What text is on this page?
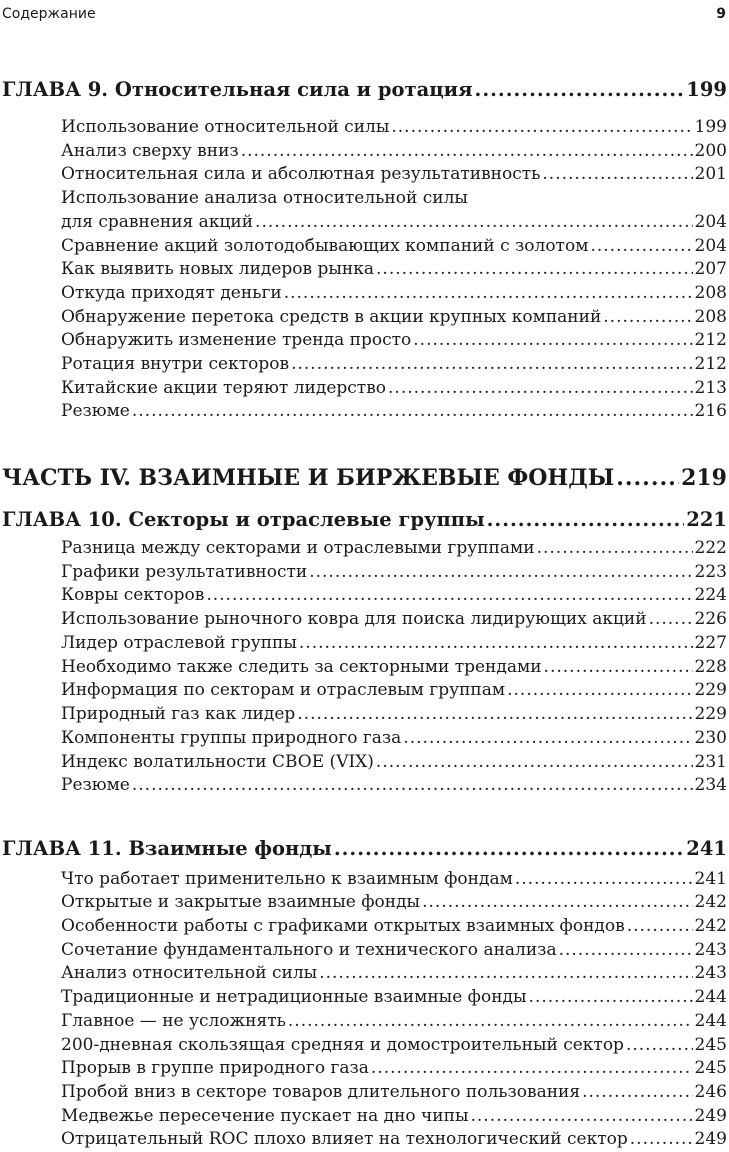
Содержание	9
ГЛАВА 9. Относительная сила и ротация .....	199
Использование относительной силы .....	199
Анализ сверху вниз .....	200
Относительная сила и абсолютная результативность .....	201
Использование анализа относительной силы
для сравнения акций .....	204
Сравнение акций золотодобывающих компаний с золотом .....	204
Как выявить новых лидеров рынка .....	207
Откуда приходят деньги .....	208
Обнаружение перетока средств в акции крупных компаний .....	208
Обнаружить изменение тренда просто .....	212
Ротация внутри секторов .....	212
Китайские акции теряют лидерство .....	213
Резюме .....	216
ЧАСТЬ IV. ВЗАИМНЫЕ И БИРЖЕВЫЕ ФОНДЫ .....	219
ГЛАВА 10. Секторы и отраслевые группы .....	221
Разница между секторами и отраслевыми группами .....	222
Графики результативности .....	223
Ковры секторов .....	224
Использование рыночного ковра для поиска лидирующих акций .....	226
Лидер отраслевой группы .....	227
Необходимо также следить за секторными трендами .....	228
Информация по секторам и отраслевым группам .....	229
Природный газ как лидер .....	229
Компоненты группы природного газа .....	230
Индекс волатильности CBOE (VIX) .....	231
Резюме .....	234
ГЛАВА 11. Взаимные фонды .....	241
Что работает применительно к взаимным фондам .....	241
Открытые и закрытые взаимные фонды .....	242
Особенности работы с графиками открытых взаимных фондов .....	242
Сочетание фундаментального и технического анализа .....	243
Анализ относительной силы .....	243
Традиционные и нетрадиционные взаимные фонды .....	244
Главное — не усложнять .....	244
200-дневная скользящая средняя и домостроительный сектор .....	245
Прорыв в группе природного газа .....	245
Пробой вниз в секторе товаров длительного пользования .....	246
Медвежье пересечение пускает на дно чипы .....	249
Отрицательный ROC плохо влияет на технологический сектор .....	249
